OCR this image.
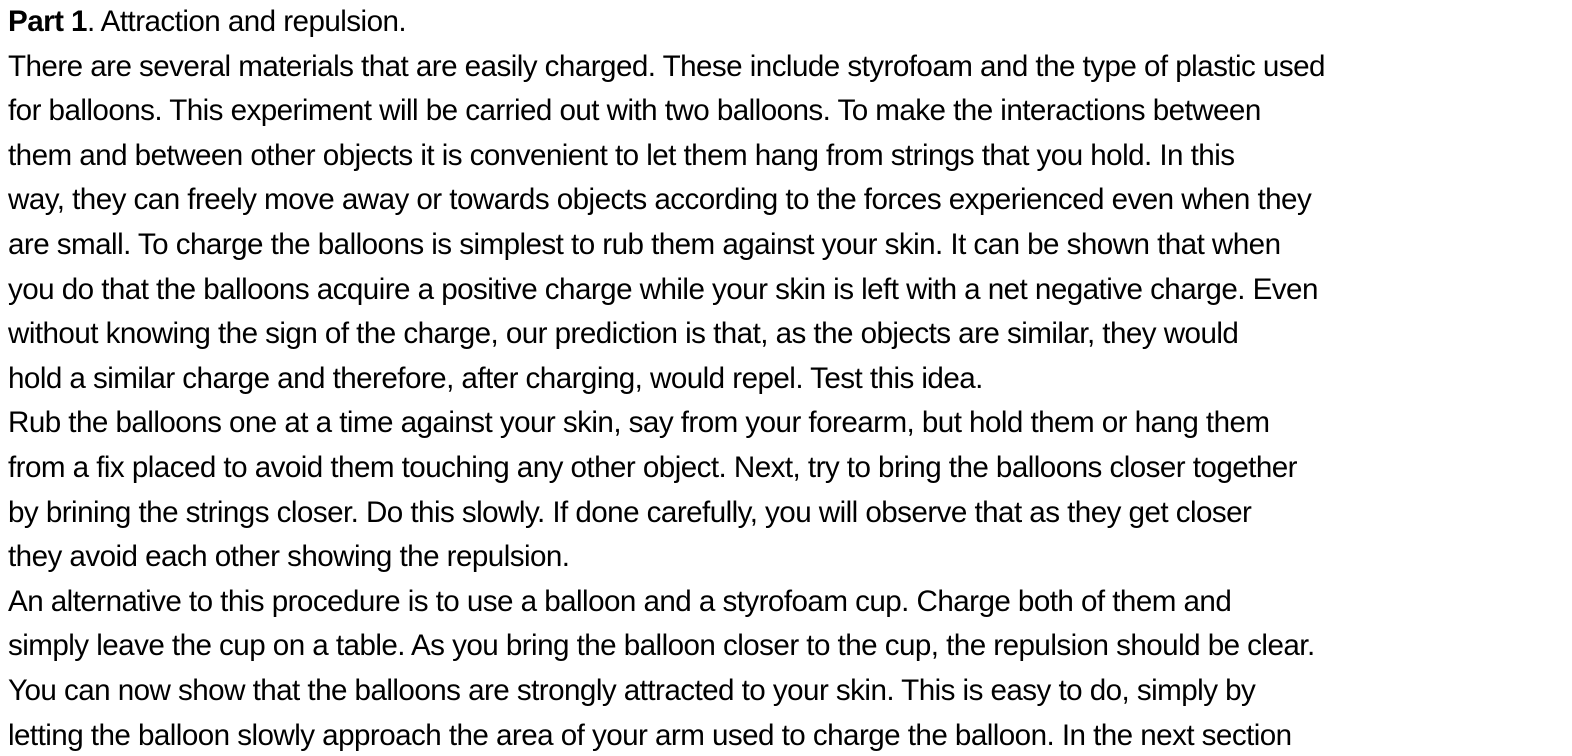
Part 1. Attraction and repulsion.
There are several materials that are easily charged. These include styrofoam and the type of plastic used
for balloons. This experiment will be carried out with two balloons. To make the interactions between
them and between other objects it is convenient to let them hang from strings that you hold. In this
way, they can freely move away or towards objects according to the forces experienced even when they
are small. To charge the balloons is simplest to rub them against your skin. It can be shown that when
you do that the balloons acquire a positive charge while your skin is left with a net negative charge. Even
without knowing the sign of the charge, our prediction is that, as the objects are similar, they would
hold a similar charge and therefore, after charging, would repel. Test this idea.
Rub the balloons one at a time against your skin, say from your forearm, but hold them or hang them
from a fix placed to avoid them touching any other object. Next, try to bring the balloons closer together
by brining the strings closer. Do this slowly. If done carefully, you will observe that as they get closer
they avoid each other showing the repulsion.
An alternative to this procedure is to use a balloon and a styrofoam cup. Charge both of them and
simply leave the cup on a table. As you bring the balloon closer to the cup, the repulsion should be clear.
You can now show that the balloons are strongly attracted to your skin. This is easy to do, simply by
letting the balloon slowly approach the area of your arm used to charge the balloon. In the next section
